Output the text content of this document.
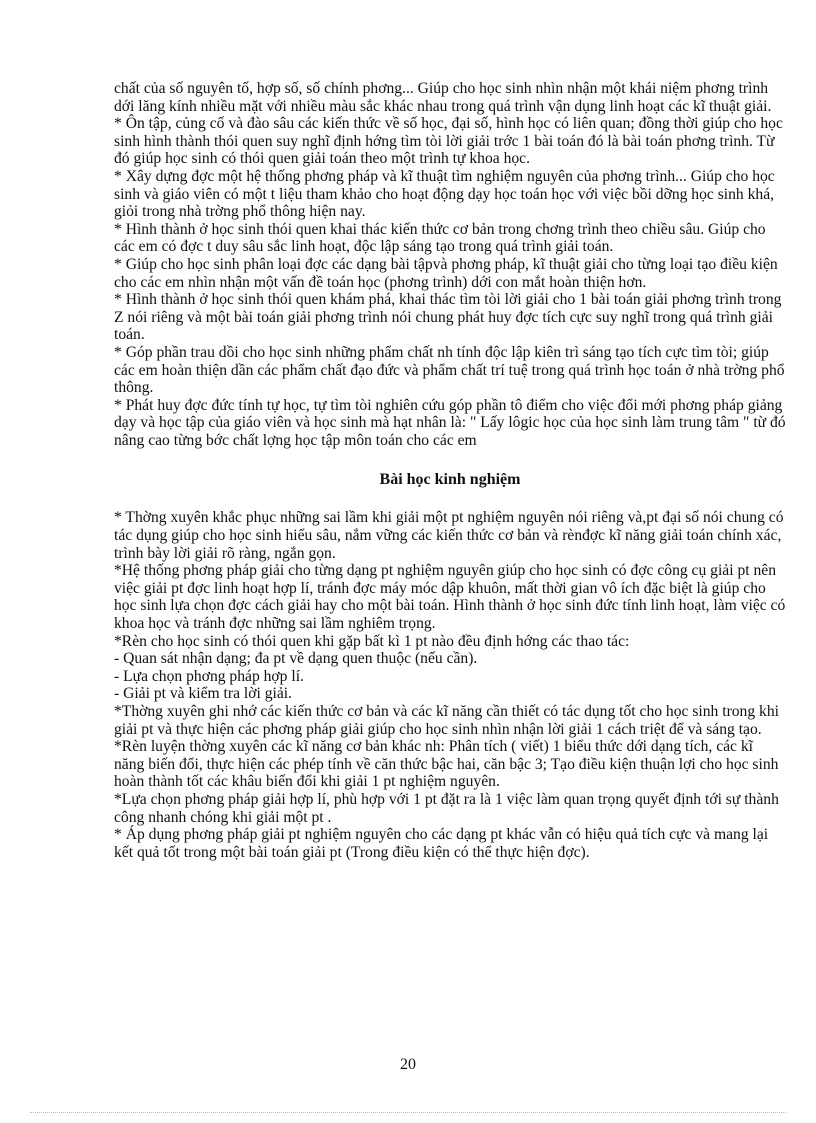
chất của số nguyên tố, hợp số, số chính phơng... Giúp cho học sinh nhìn nhận một khái niệm phơng trình dới lăng kính nhiều mặt với nhiều màu sắc khác nhau trong quá trình vận dụng linh hoạt các kĩ thuật giải.

* Ôn tập, củng cố và đào sâu các kiến thức về số học, đại số, hình học có liên quan; đồng thời giúp cho học sinh hình thành thói quen suy nghĩ định hớng tìm tòi lời giải trớc 1 bài toán đó là bài toán phơng trình. Từ đó giúp học sinh có thói quen giải toán theo một trình tự khoa học.

* Xây dựng đợc một hệ thống phơng pháp và kĩ thuật tìm nghiệm nguyên của phơng trình... Giúp cho học sinh và giáo viên có một t liệu tham khảo cho hoạt động dạy học toán học với việc bồi dỡng học sinh khá, giỏi trong nhà trờng phổ thông hiện nay.

* Hình thành ở học sinh thói quen khai thác kiến thức cơ bản trong chơng trình theo chiều sâu. Giúp cho các em có đợc t duy sâu sắc linh hoạt, độc lập sáng tạo trong quá trình giải toán.

* Giúp cho học sinh phân loại đợc các dạng bài tậpvà phơng pháp, kĩ thuật giải cho từng loại tạo điều kiện cho các em nhìn nhận một vấn đề toán học (phơng trình) dới con mắt hoàn thiện hơn.

* Hình thành ở học sinh thói quen khám phá, khai thác tìm tòi lời giải cho 1 bài toán giải phơng trình trong Z nói riêng và một bài toán giải phơng trình nói chung phát huy đợc tích cực suy nghĩ trong quá trình giải toán.

* Góp phần trau dồi cho học sinh những phẩm chất nh tính độc lập kiên trì sáng tạo tích cực tìm tòi; giúp các em hoàn thiện dần các phẩm chất đạo đức và phẩm chất trí tuệ trong quá trình học toán ở nhà trờng phổ thông.

* Phát huy đợc đức tính tự học, tự tìm tòi nghiên cứu góp phần tô điểm cho việc đổi mới phơng pháp giảng dạy và học tập của giáo viên và học sinh mà hạt nhân là: " Lấy lôgic học của học sinh làm trung tâm " từ đó nâng cao từng bớc chất lợng học tập môn toán cho các em

Bài học kinh nghiệm

* Thờng xuyên khắc phục những sai lầm khi giải một pt nghiệm nguyên nói riêng và,pt đại số nói chung có tác dụng giúp cho học sinh hiểu sâu, nắm vững các kiến thức cơ bản và rènđợc kĩ năng giải toán chính xác, trình bày lời giải rõ ràng, ngắn gọn.

*Hệ thống phơng pháp giải cho từng dạng pt nghiệm nguyên giúp cho học sinh có đợc công cụ giải pt nên việc giải pt đợc linh hoạt hợp lí, tránh đợc máy móc dập khuôn, mất thời gian vô ích đặc biệt là giúp cho học sinh lựa chọn đợc cách giải hay cho một bài toán. Hình thành ở học sinh đức tính linh hoạt, làm việc có khoa học và tránh đợc những sai lầm nghiêm trọng.

*Rèn cho học sinh có thói quen khi gặp bất kì 1 pt nào đều định hớng các thao tác:

- Quan sát nhận dạng; đa pt về dạng quen thuộc (nếu cần).

- Lựa chọn phơng pháp hợp lí.

- Giải pt và kiểm tra lời giải.

*Thờng xuyên ghi nhớ các kiến thức cơ bản và các kĩ năng cần thiết có tác dụng tốt cho học sinh trong khi giải pt và thực hiện các phơng pháp giải giúp cho học sinh nhìn nhận lời giải 1 cách triệt để và sáng tạo.

*Rèn luyện thờng xuyên các kĩ năng cơ bản khác nh: Phân tích ( viết) 1 biểu thức dới dạng tích, các kĩ năng biến đổi, thực hiện các phép tính về căn thức bậc hai, căn bậc 3; Tạo điều kiện thuận lợi cho học sinh hoàn thành tốt các khâu biến đổi khi giải 1 pt nghiệm nguyên.

*Lựa chọn phơng pháp giải hợp lí, phù hợp với 1 pt đặt ra là 1 việc làm quan trọng quyết định tới sự thành công nhanh chóng khi giải một pt .

* Áp dụng phơng pháp giải pt nghiệm nguyên cho các dạng pt khác vẫn có hiệu quả tích cực và mang lại kết quả tốt trong một bài toán giải pt (Trong điều kiện có thể thực hiện đợc).

20
